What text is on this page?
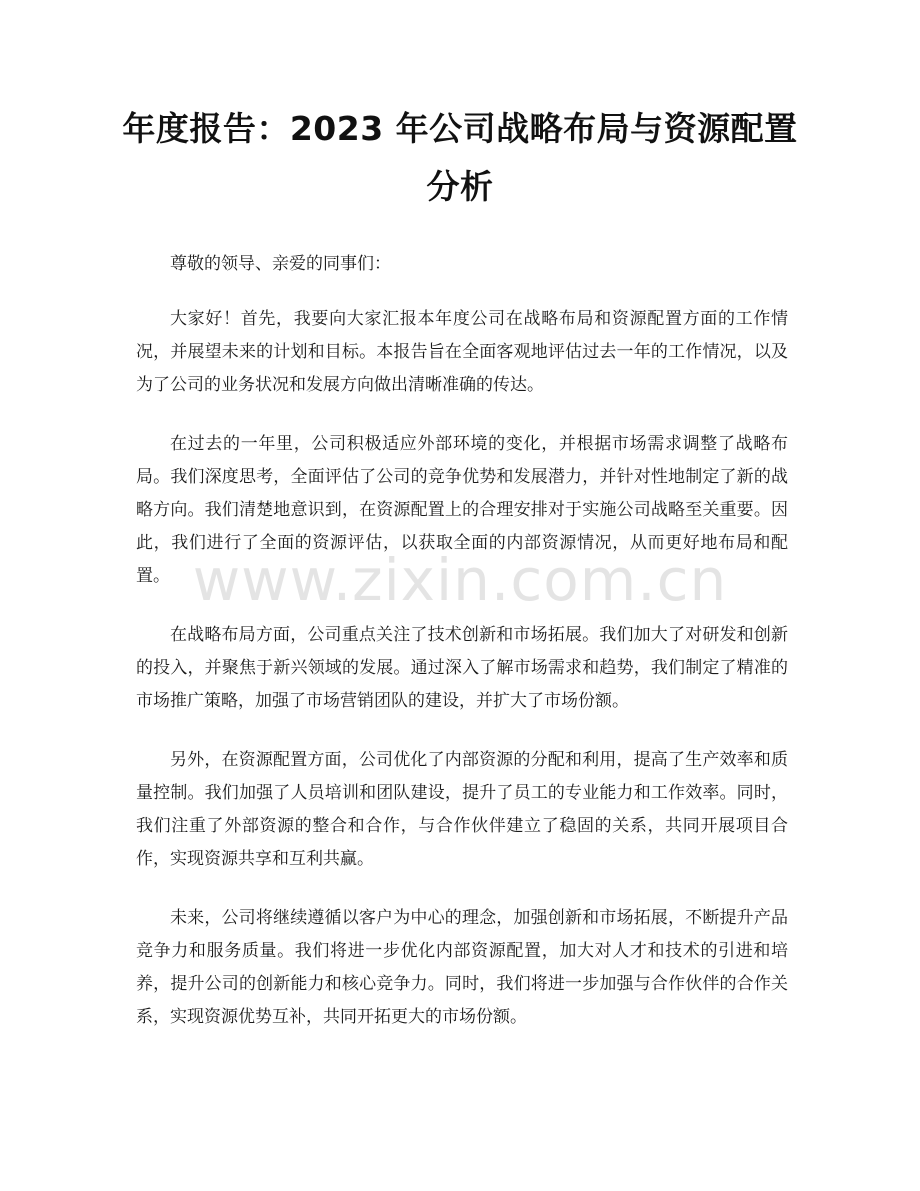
年度报告：2023 年公司战略布局与资源配置分析

尊敬的领导、亲爱的同事们：

大家好！首先，我要向大家汇报本年度公司在战略布局和资源配置方面的工作情况，并展望未来的计划和目标。本报告旨在全面客观地评估过去一年的工作情况，以及为了公司的业务状况和发展方向做出清晰准确的传达。

在过去的一年里，公司积极适应外部环境的变化，并根据市场需求调整了战略布局。我们深度思考，全面评估了公司的竞争优势和发展潜力，并针对性地制定了新的战略方向。我们清楚地意识到，在资源配置上的合理安排对于实施公司战略至关重要。因此，我们进行了全面的资源评估，以获取全面的内部资源情况，从而更好地布局和配置。

在战略布局方面，公司重点关注了技术创新和市场拓展。我们加大了对研发和创新的投入，并聚焦于新兴领域的发展。通过深入了解市场需求和趋势，我们制定了精准的市场推广策略，加强了市场营销团队的建设，并扩大了市场份额。

另外，在资源配置方面，公司优化了内部资源的分配和利用，提高了生产效率和质量控制。我们加强了人员培训和团队建设，提升了员工的专业能力和工作效率。同时，我们注重了外部资源的整合和合作，与合作伙伴建立了稳固的关系，共同开展项目合作，实现资源共享和互利共赢。

未来，公司将继续遵循以客户为中心的理念，加强创新和市场拓展，不断提升产品竞争力和服务质量。我们将进一步优化内部资源配置，加大对人才和技术的引进和培养，提升公司的创新能力和核心竞争力。同时，我们将进一步加强与合作伙伴的合作关系，实现资源优势互补，共同开拓更大的市场份额。

www.zixin.com.cn
